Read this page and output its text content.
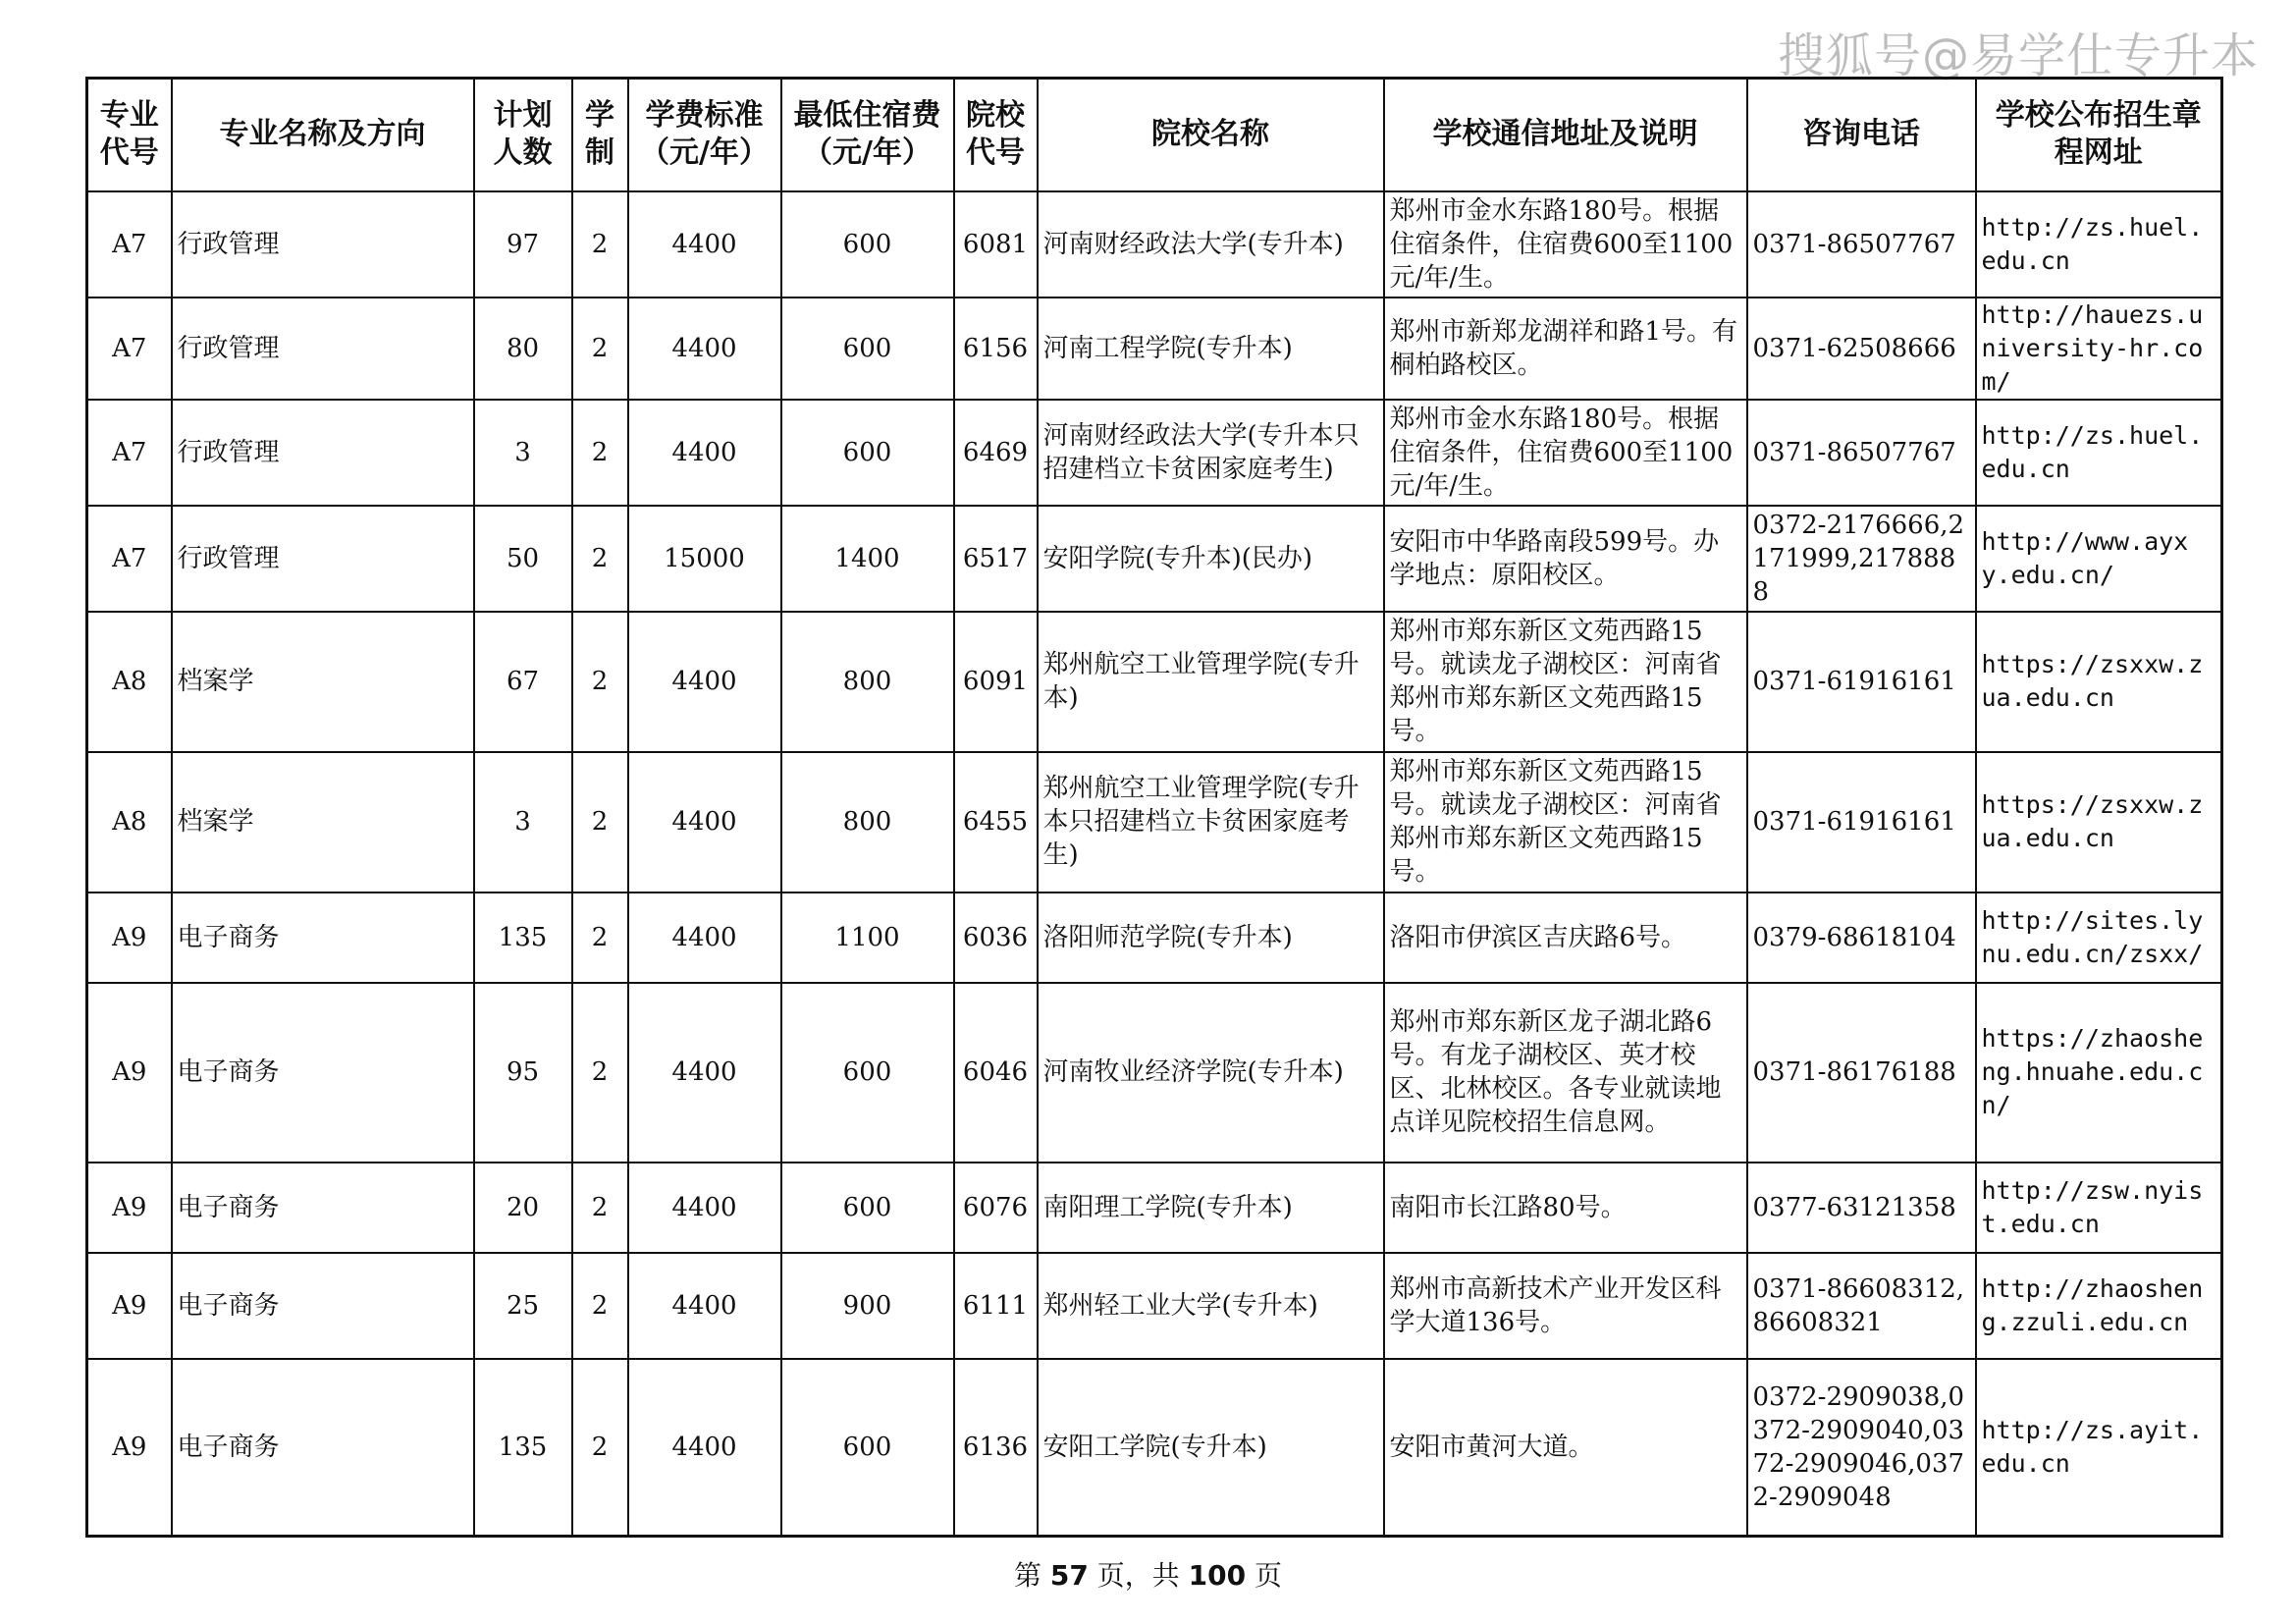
搜狐号@易学仕专升本
专业代号	专业名称及方向	计划人数	学制	学费标准（元/年）	最低住宿费（元/年）	院校代号	院校名称	学校通信地址及说明	咨询电话	学校公布招生章程网址
A7	行政管理	97	2	4400	600	6081	河南财经政法大学(专升本)	郑州市金水东路180号。根据住宿条件，住宿费600至1100元/年/生。	0371-86507767	http://zs.huel.edu.cn
A7	行政管理	80	2	4400	600	6156	河南工程学院(专升本)	郑州市新郑龙湖祥和路1号。有桐柏路校区。	0371-62508666	http://hauezs.university-hr.com/
A7	行政管理	3	2	4400	600	6469	河南财经政法大学(专升本只招建档立卡贫困家庭考生)	郑州市金水东路180号。根据住宿条件，住宿费600至1100元/年/生。	0371-86507767	http://zs.huel.edu.cn
A7	行政管理	50	2	15000	1400	6517	安阳学院(专升本)(民办)	安阳市中华路南段599号。办学地点：原阳校区。	0372-2176666,2171999,2178888	http://www.ayxy.edu.cn/
A8	档案学	67	2	4400	800	6091	郑州航空工业管理学院(专升本)	郑州市郑东新区文苑西路15号。就读龙子湖校区：河南省郑州市郑东新区文苑西路15号。	0371-61916161	https://zsxxw.zua.edu.cn
A8	档案学	3	2	4400	800	6455	郑州航空工业管理学院(专升本只招建档立卡贫困家庭考生)	郑州市郑东新区文苑西路15号。就读龙子湖校区：河南省郑州市郑东新区文苑西路15号。	0371-61916161	https://zsxxw.zua.edu.cn
A9	电子商务	135	2	4400	1100	6036	洛阳师范学院(专升本)	洛阳市伊滨区吉庆路6号。	0379-68618104	http://sites.lynu.edu.cn/zsxx/
A9	电子商务	95	2	4400	600	6046	河南牧业经济学院(专升本)	郑州市郑东新区龙子湖北路6号。有龙子湖校区、英才校区、北林校区。各专业就读地点详见院校招生信息网。	0371-86176188	https://zhaosheng.hnuahe.edu.cn/
A9	电子商务	20	2	4400	600	6076	南阳理工学院(专升本)	南阳市长江路80号。	0377-63121358	http://zsw.nyist.edu.cn
A9	电子商务	25	2	4400	900	6111	郑州轻工业大学(专升本)	郑州市高新技术产业开发区科学大道136号。	0371-86608312,86608321	http://zhaosheng.zzuli.edu.cn
A9	电子商务	135	2	4400	600	6136	安阳工学院(专升本)	安阳市黄河大道。	0372-2909038,0372-2909040,0372-2909046,0372-2909048	http://zs.ayit.edu.cn
第 57 页，共 100 页
